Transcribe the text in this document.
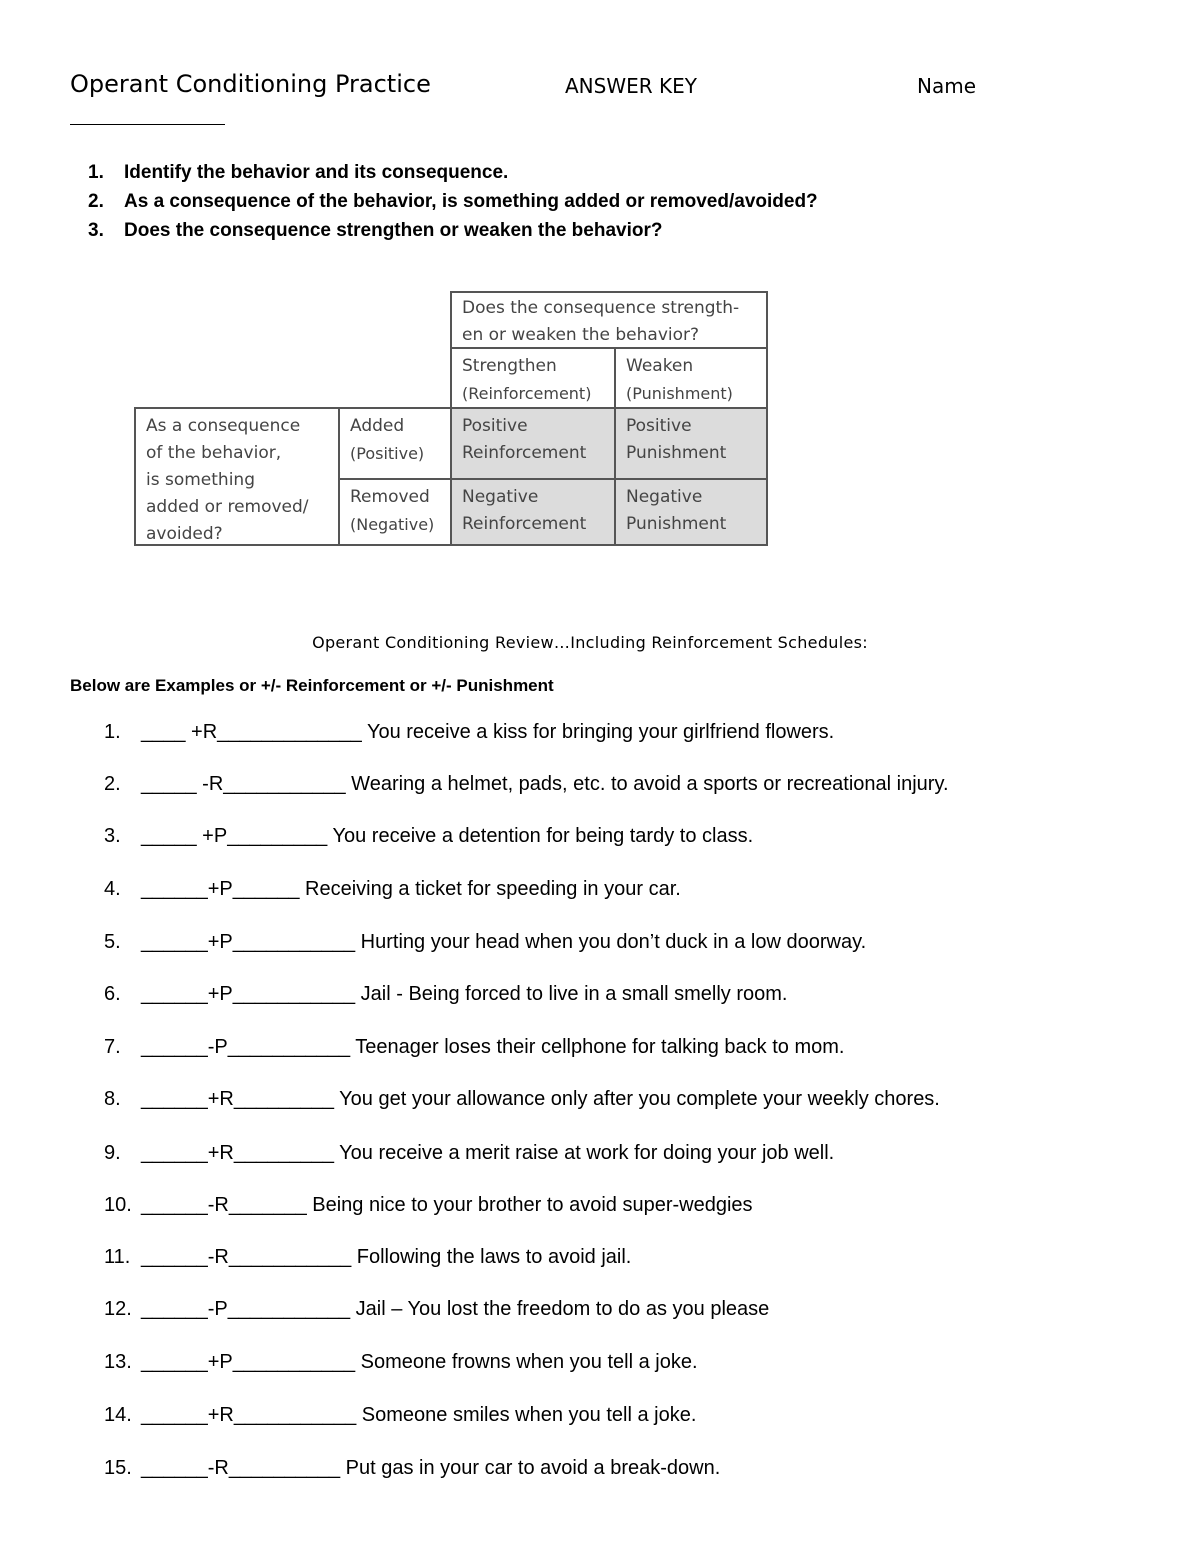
Operant Conditioning Practice	ANSWER KEY	Name
1. Identify the behavior and its consequence.
2. As a consequence of the behavior, is something added or removed/avoided?
3. Does the consequence strengthen or weaken the behavior?
Does the consequence strength-
en or weaken the behavior?
Strengthen
(Reinforcement)
Weaken
(Punishment)
As a consequence
of the behavior,
is something
added or removed/
avoided?
Added
(Positive)
Removed
(Negative)
Positive
Reinforcement
Positive
Punishment
Negative
Reinforcement
Negative
Punishment
Operant Conditioning Review…Including Reinforcement Schedules:
Below are Examples or +/- Reinforcement or +/- Punishment
1. ____ +R_____________ You receive a kiss for bringing your girlfriend flowers.
2. _____ -R___________ Wearing a helmet, pads, etc. to avoid a sports or recreational injury.
3. _____ +P_________ You receive a detention for being tardy to class.
4. ______+P______ Receiving a ticket for speeding in your car.
5. ______+P___________ Hurting your head when you don’t duck in a low doorway.
6. ______+P___________ Jail - Being forced to live in a small smelly room.
7. ______-P___________ Teenager loses their cellphone for talking back to mom.
8. ______+R_________ You get your allowance only after you complete your weekly chores.
9. ______+R_________ You receive a merit raise at work for doing your job well.
10. ______-R_______ Being nice to your brother to avoid super-wedgies
11. ______-R___________ Following the laws to avoid jail.
12. ______-P___________ Jail – You lost the freedom to do as you please
13. ______+P___________ Someone frowns when you tell a joke.
14. ______+R___________ Someone smiles when you tell a joke.
15. ______-R__________ Put gas in your car to avoid a break-down.
